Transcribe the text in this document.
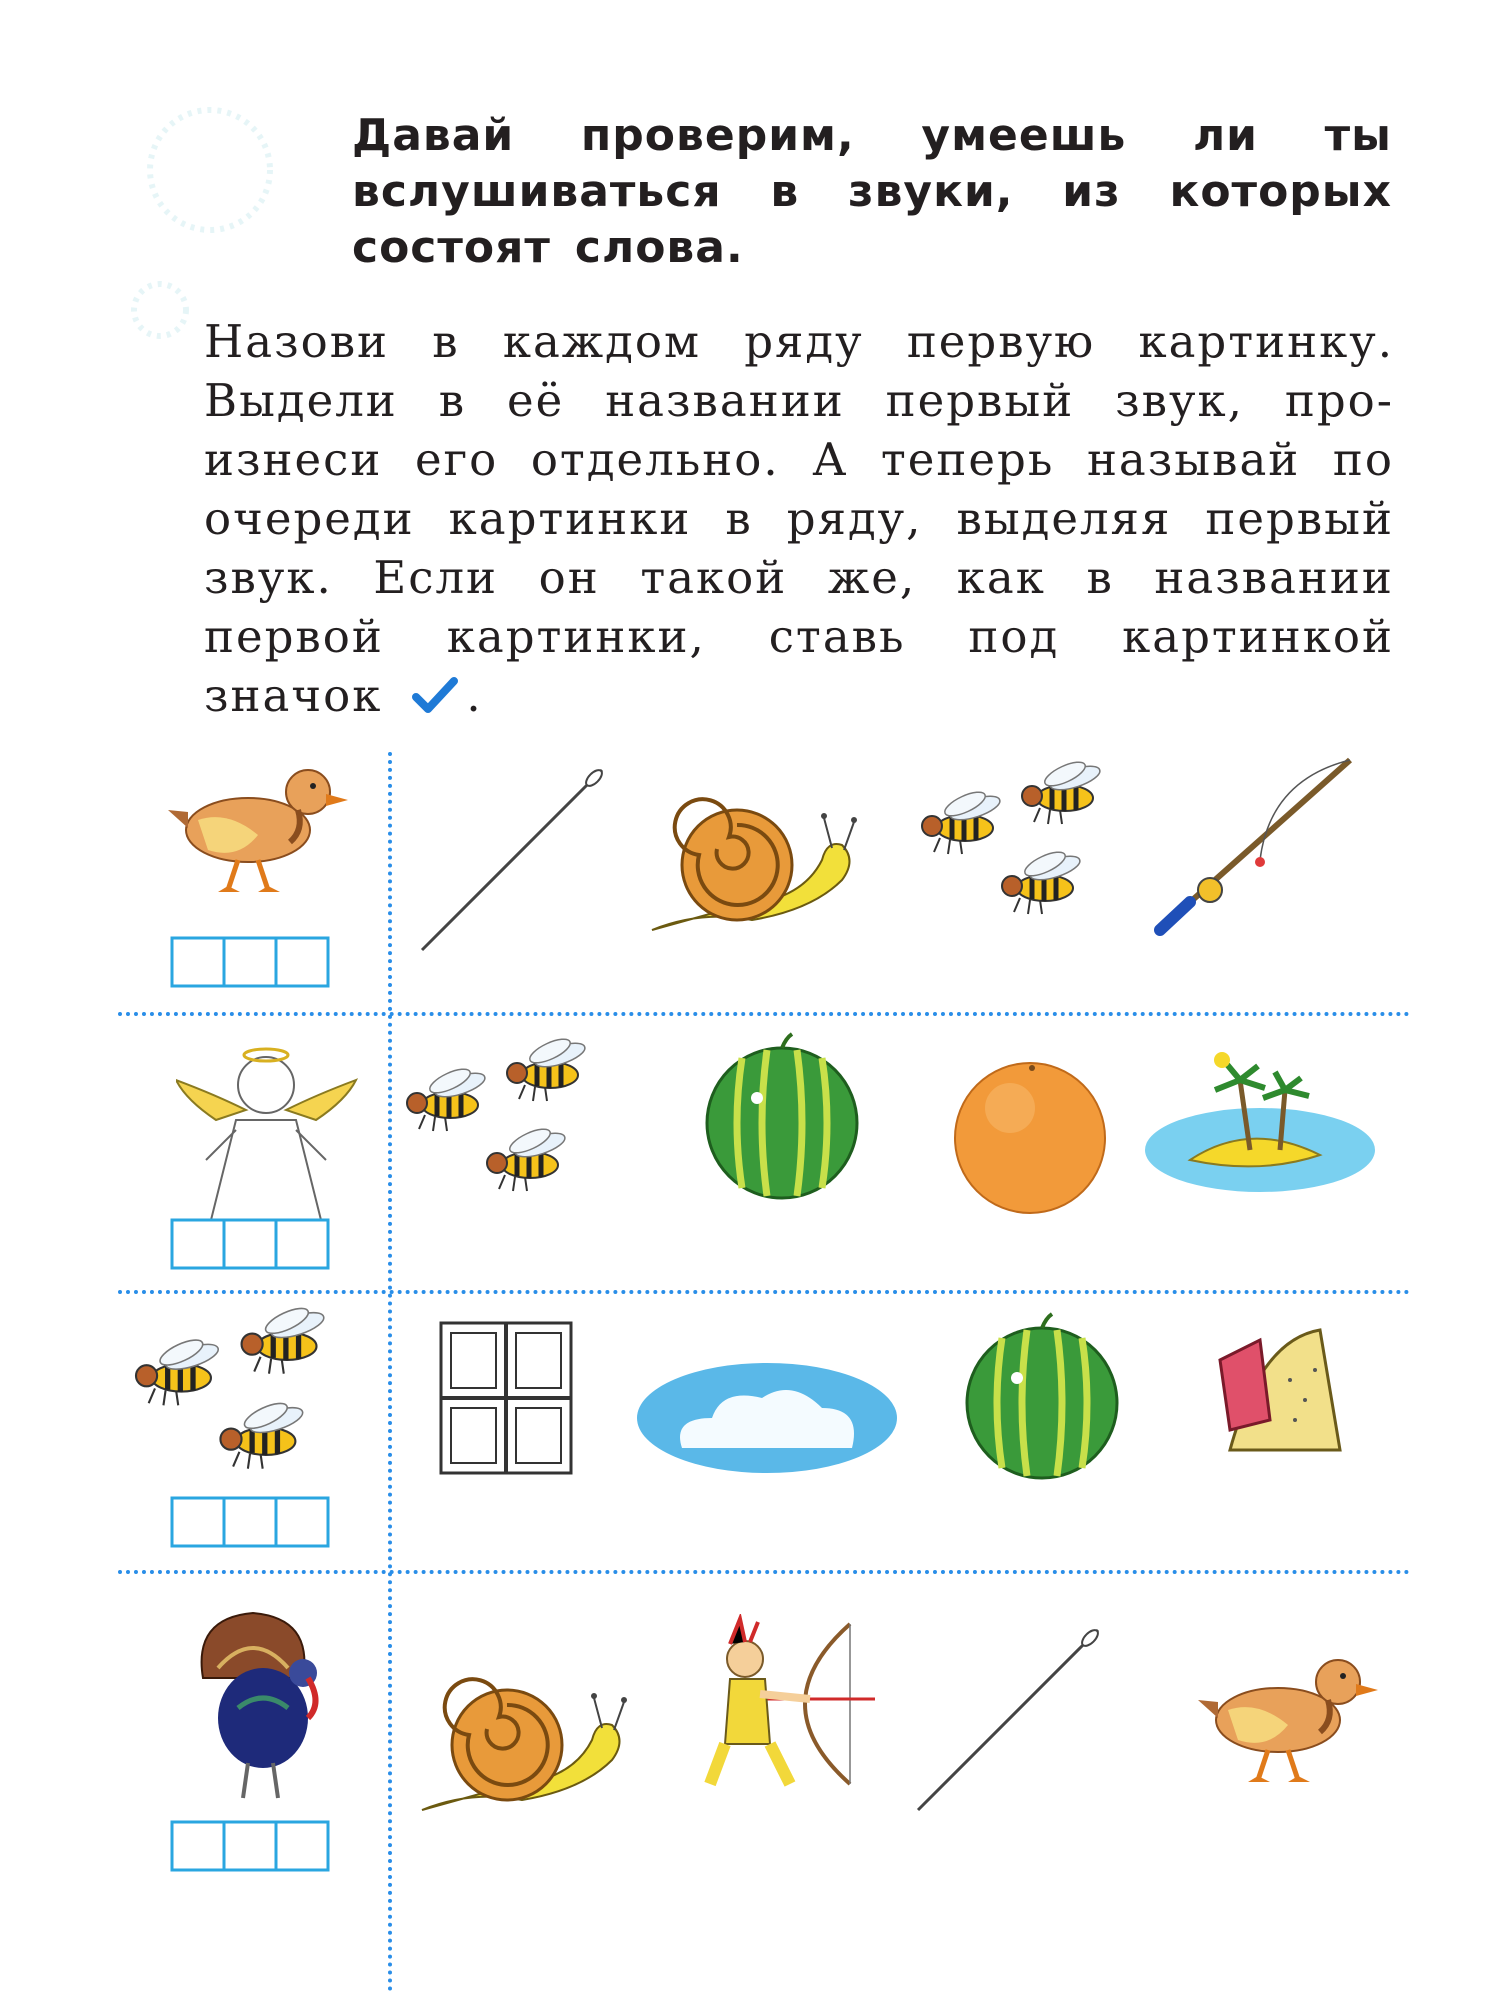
Давай проверим, умеешь ли ты
вслушиваться в звуки, из которых
состоят слова.
Назови в каждом ряду первую картинку.
Выдели в её названии первый звук, про-
изнеси его отдельно. А теперь называй по
очереди картинки в ряду, выделяя первый
звук. Если он такой же, как в названии
первой картинки, ставь под картинкой
значок .
